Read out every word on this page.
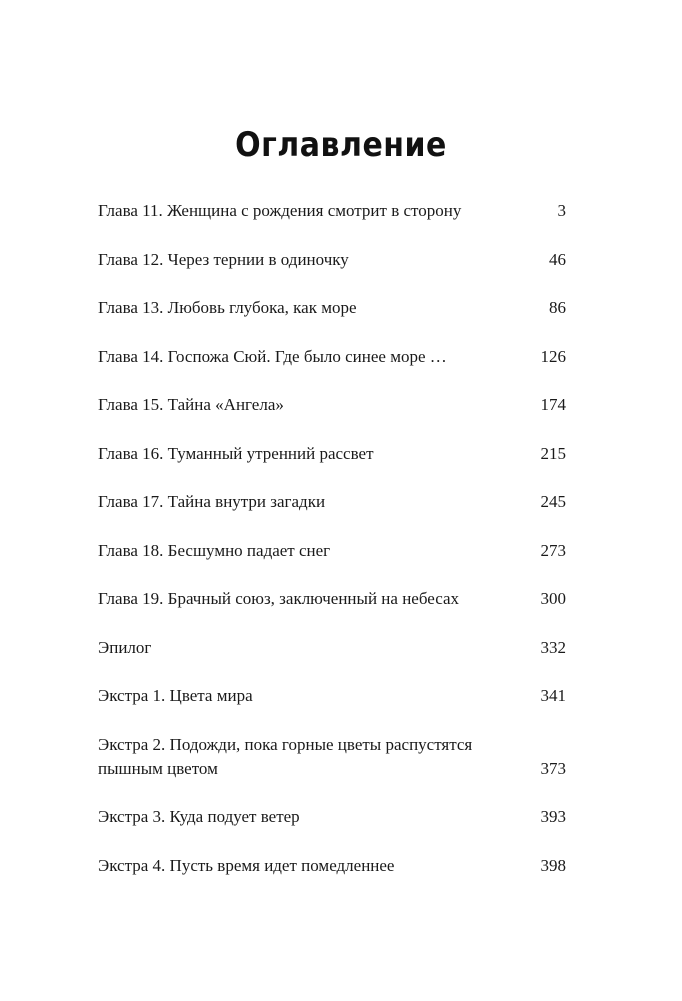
Оглавление
Глава 11. Женщина с рождения смотрит в сторону	3
Глава 12. Через тернии в одиночку	46
Глава 13. Любовь глубока, как море	86
Глава 14. Госпожа Сюй. Где было синее море …	126
Глава 15. Тайна «Ангела»	174
Глава 16. Туманный утренний рассвет	215
Глава 17. Тайна внутри загадки	245
Глава 18. Бесшумно падает снег	273
Глава 19. Брачный союз, заключенный на небесах	300
Эпилог	332
Экстра 1. Цвета мира	341
Экстра 2. Подожди, пока горные цветы распустятся пышным цветом	373
Экстра 3. Куда подует ветер	393
Экстра 4. Пусть время идет помедленнее	398
